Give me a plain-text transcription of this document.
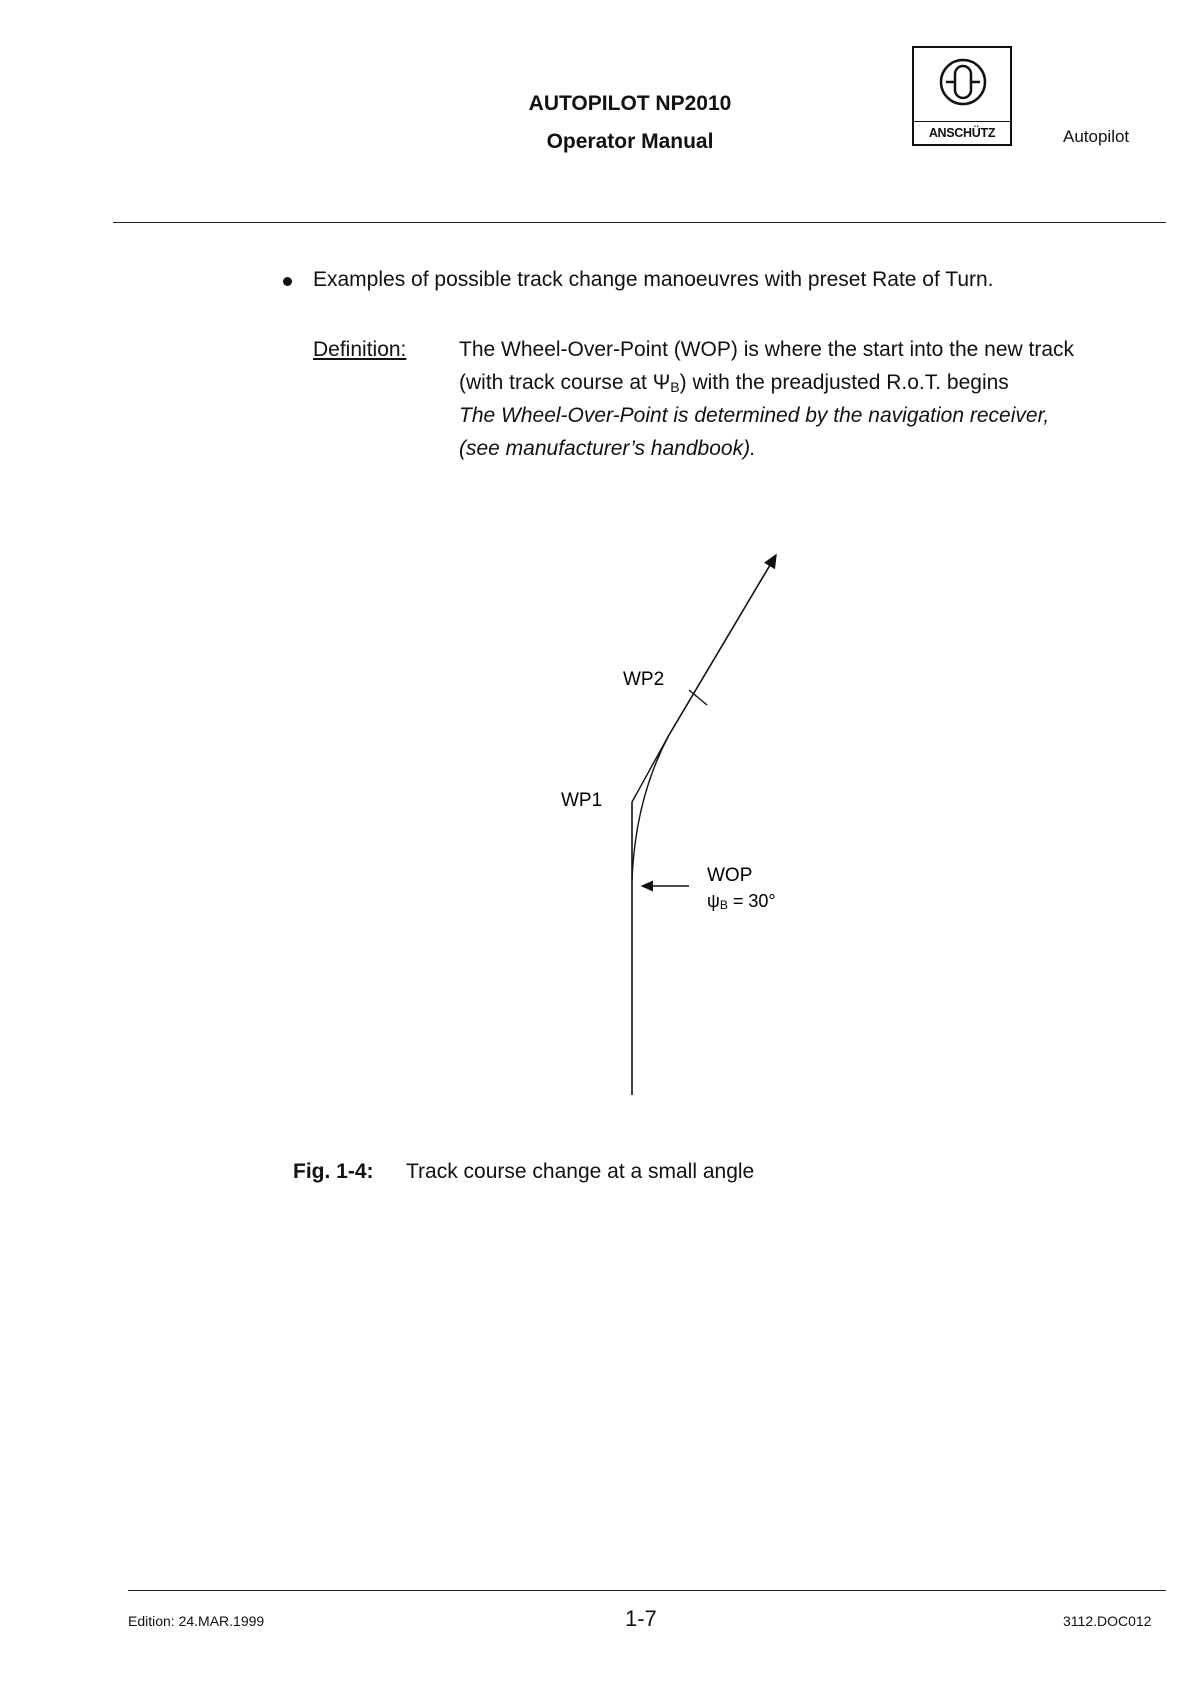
AUTOPILOT NP2010
Operator Manual	ANSCHÜTZ	Autopilot
Examples of possible track change manoeuvres with preset Rate of Turn.
Definition:	The Wheel-Over-Point (WOP) is where the start into the new track
(with track course at $\Psi_B$) with the preadjusted R.o.T. begins
The Wheel-Over-Point is determined by the navigation receiver,
(see manufacturer’s handbook).
WP2
WP1
WOP
ψB = 30°
Fig. 1-4: Track course change at a small angle
Edition: 24.MAR.1999	1-7	3112.DOC012
